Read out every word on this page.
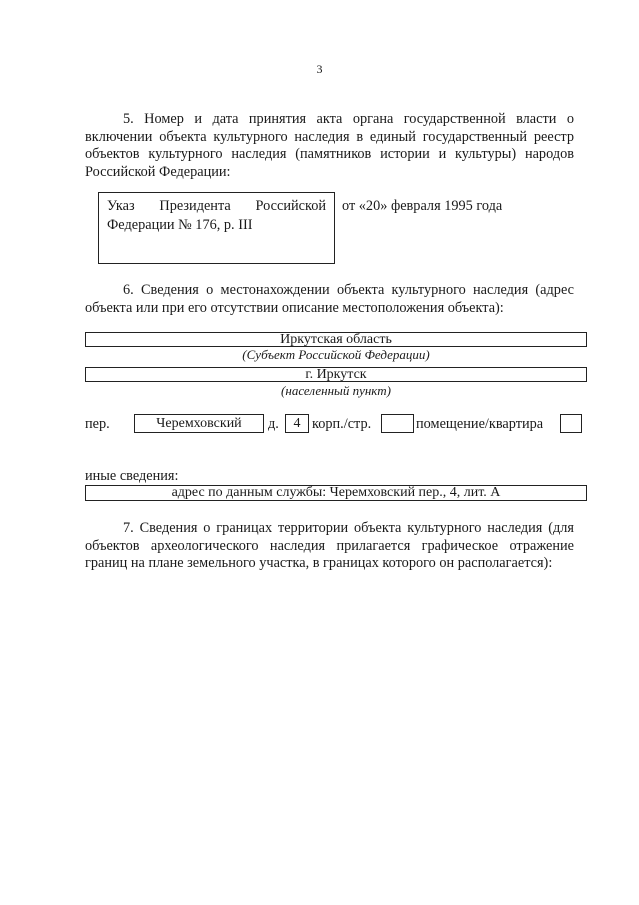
3
5. Номер и дата принятия акта органа государственной власти о включении объекта культурного наследия в единый государственный реестр объектов культурного наследия (памятников истории и культуры) народов Российской Федерации:
Указ Президента Российской Федерации № 176, р. III
от «20» февраля 1995 года
6. Сведения о местонахождении объекта культурного наследия (адрес объекта или при его отсутствии описание местоположения объекта):
Иркутская область
(Субъект Российской Федерации)
г. Иркутск
(населенный пункт)
пер.	Черемховский	д.	4 корп./стр.	помещение/квартира
иные сведения:
адрес по данным службы: Черемховский пер., 4, лит. А
7. Сведения о границах территории объекта культурного наследия (для объектов археологического наследия прилагается графическое отражение границ на плане земельного участка, в границах которого он располагается):
